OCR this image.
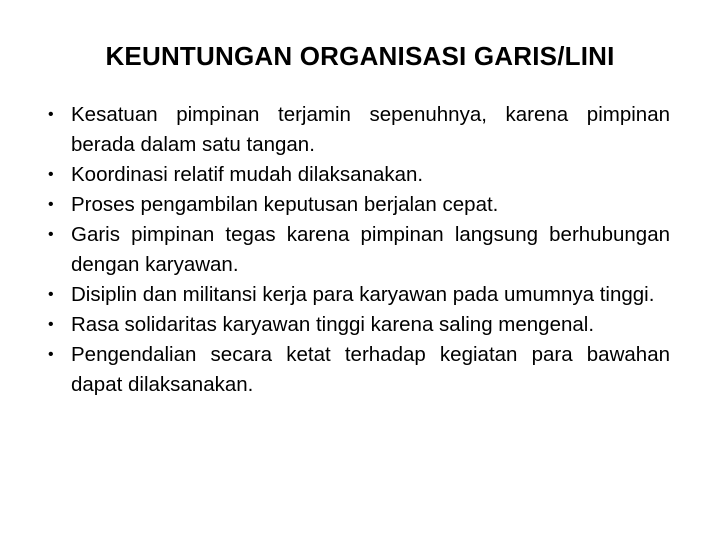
KEUNTUNGAN ORGANISASI GARIS/LINI
• Kesatuan pimpinan terjamin sepenuhnya, karena pimpinan berada dalam satu tangan.
• Koordinasi relatif mudah dilaksanakan.
• Proses pengambilan keputusan berjalan cepat.
• Garis pimpinan tegas karena pimpinan langsung berhubungan dengan karyawan.
• Disiplin dan militansi kerja para karyawan pada umumnya tinggi.
• Rasa solidaritas karyawan tinggi karena saling mengenal.
• Pengendalian secara ketat terhadap kegiatan para bawahan dapat dilaksanakan.
